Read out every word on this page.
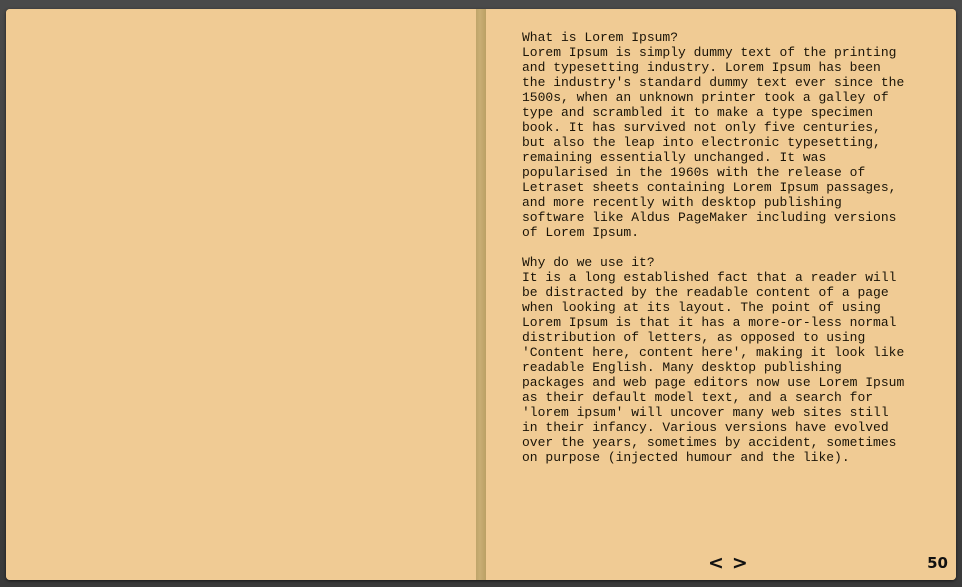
What is Lorem Ipsum?
Lorem Ipsum is simply dummy text of the printing
and typesetting industry. Lorem Ipsum has been
the industry's standard dummy text ever since the
1500s, when an unknown printer took a galley of
type and scrambled it to make a type specimen
book. It has survived not only five centuries,
but also the leap into electronic typesetting,
remaining essentially unchanged. It was
popularised in the 1960s with the release of
Letraset sheets containing Lorem Ipsum passages,
and more recently with desktop publishing
software like Aldus PageMaker including versions
of Lorem Ipsum.

Why do we use it?
It is a long established fact that a reader will
be distracted by the readable content of a page
when looking at its layout. The point of using
Lorem Ipsum is that it has a more-or-less normal
distribution of letters, as opposed to using
'Content here, content here', making it look like
readable English. Many desktop publishing
packages and web page editors now use Lorem Ipsum
as their default model text, and a search for
'lorem ipsum' will uncover many web sites still
in their infancy. Various versions have evolved
over the years, sometimes by accident, sometimes
on purpose (injected humour and the like).
< >	50
